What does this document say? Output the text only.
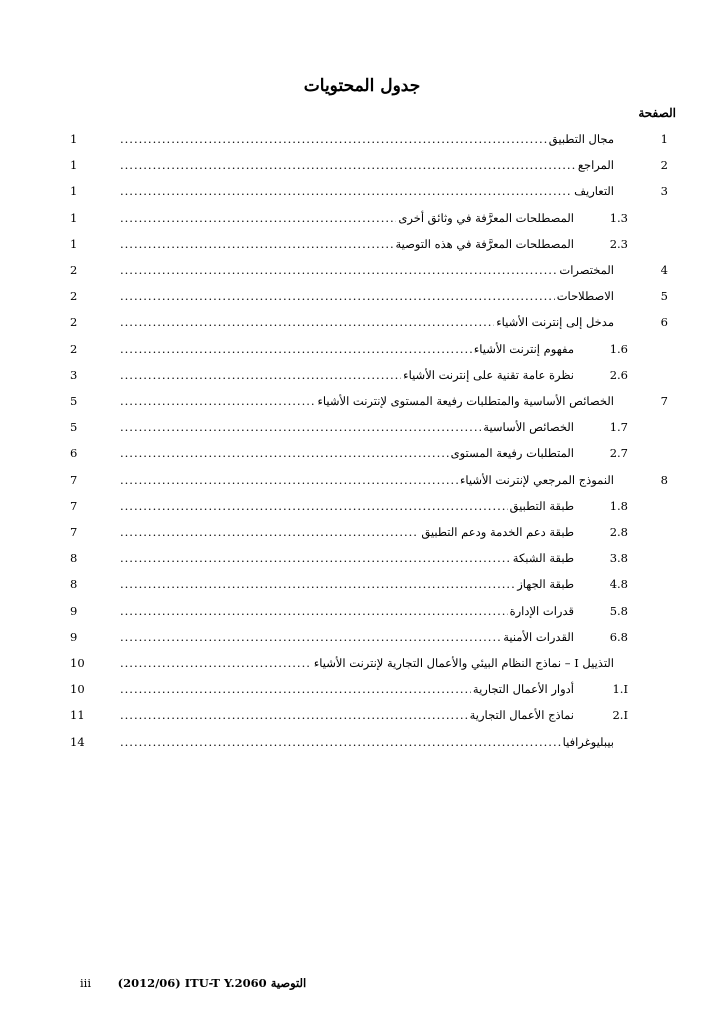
جدول المحتويات
الصفحة
1
.....
مجال التطبيق
1
2
.....
المراجع
1
3
.....
التعاريف
1
1.3
.....
المصطلحات المعرَّفة في وثائق أخرى
1
2.3
.....
المصطلحات المعرَّفة في هذه التوصية
1
4
.....
المختصرات
2
5
.....
الاصطلاحات
2
6
.....
مدخل إلى إنترنت الأشياء
2
1.6
.....
مفهوم إنترنت الأشياء
2
2.6
.....
نظرة عامة تقنية على إنترنت الأشياء
3
7
.....
الخصائص الأساسية والمتطلبات رفيعة المستوى لإنترنت الأشياء
5
1.7
.....
الخصائص الأساسية
5
2.7
.....
المتطلبات رفيعة المستوى
6
8
.....
النموذج المرجعي لإنترنت الأشياء
7
1.8
.....
طبقة التطبيق
7
2.8
.....
طبقة دعم الخدمة ودعم التطبيق
7
3.8
.....
طبقة الشبكة
8
4.8
.....
طبقة الجهاز
8
5.8
.....
قدرات الإدارة
9
6.8
.....
القدرات الأمنية
9
.....
التذييل I – نماذج النظام البيئي والأعمال التجارية لإنترنت الأشياء
10
1.I
.....
أدوار الأعمال التجارية
10
2.I
.....
نماذج الأعمال التجارية
11
.....
بيبليوغرافيا
14
iii (2012/06) ITU-T Y.2060 التوصية
